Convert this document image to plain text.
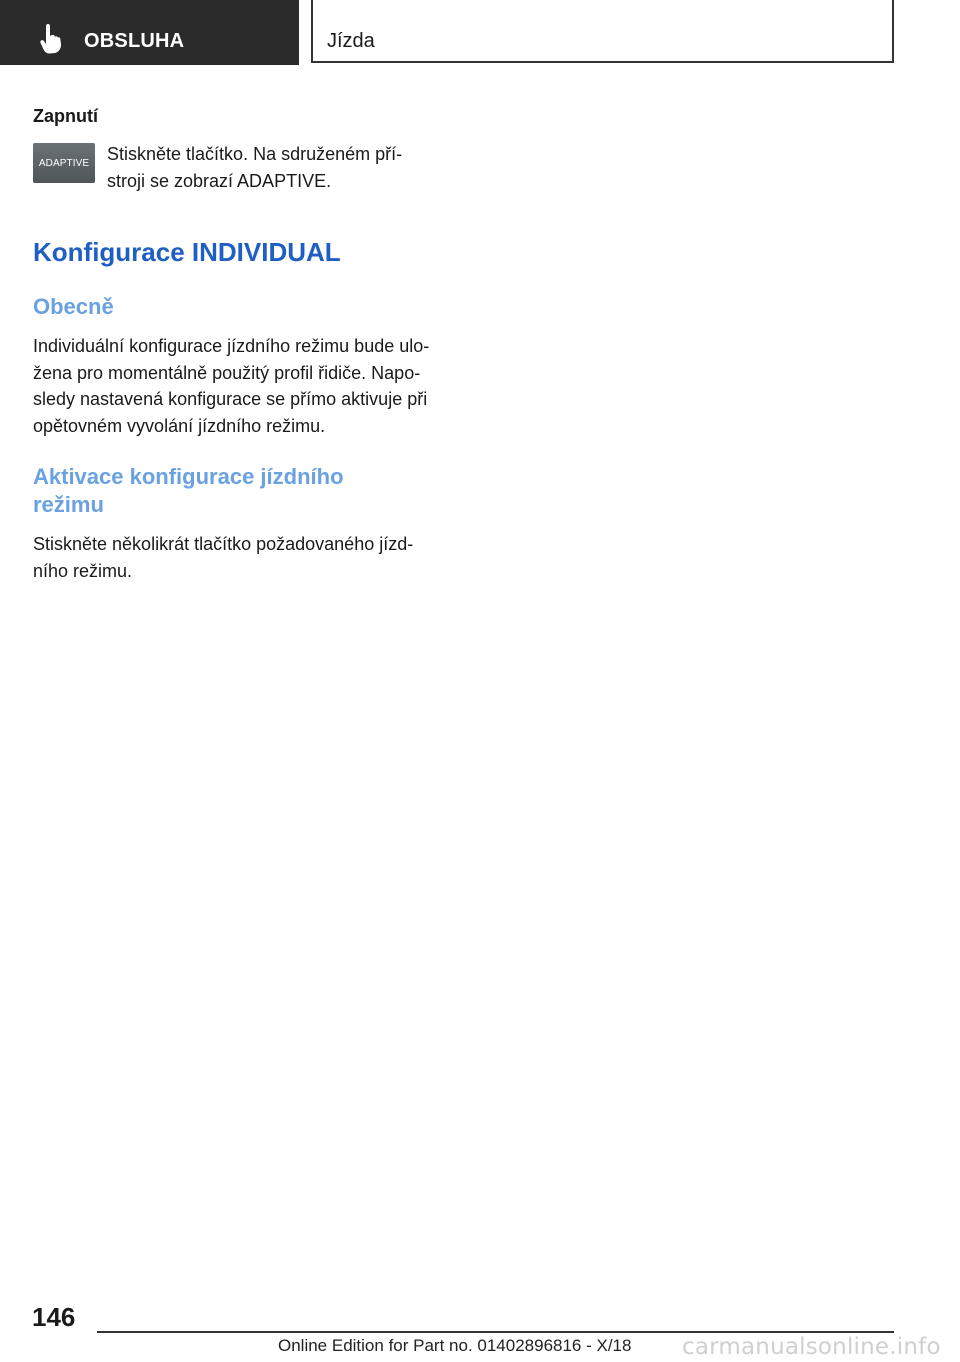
OBSLUHA	Jízda

Zapnutí

ADAPTIVE Stiskněte tlačítko. Na sdruženém pří-
stroji se zobrazí ADAPTIVE.
Konfigurace INDIVIDUAL
Obecně

Individuální konfigurace jízdního režimu bude ulo-
žena pro momentálně použitý profil řidiče. Napo-
sledy nastavená konfigurace se přímo aktivuje při
opětovném vyvolání jízdního režimu.

Aktivace konfigurace jízdního
režimu

Stiskněte několikrát tlačítko požadovaného jízd-
ního režimu.

146
Online Edition for Part no. 01402896816 - X/18 carmanualsonline.info
